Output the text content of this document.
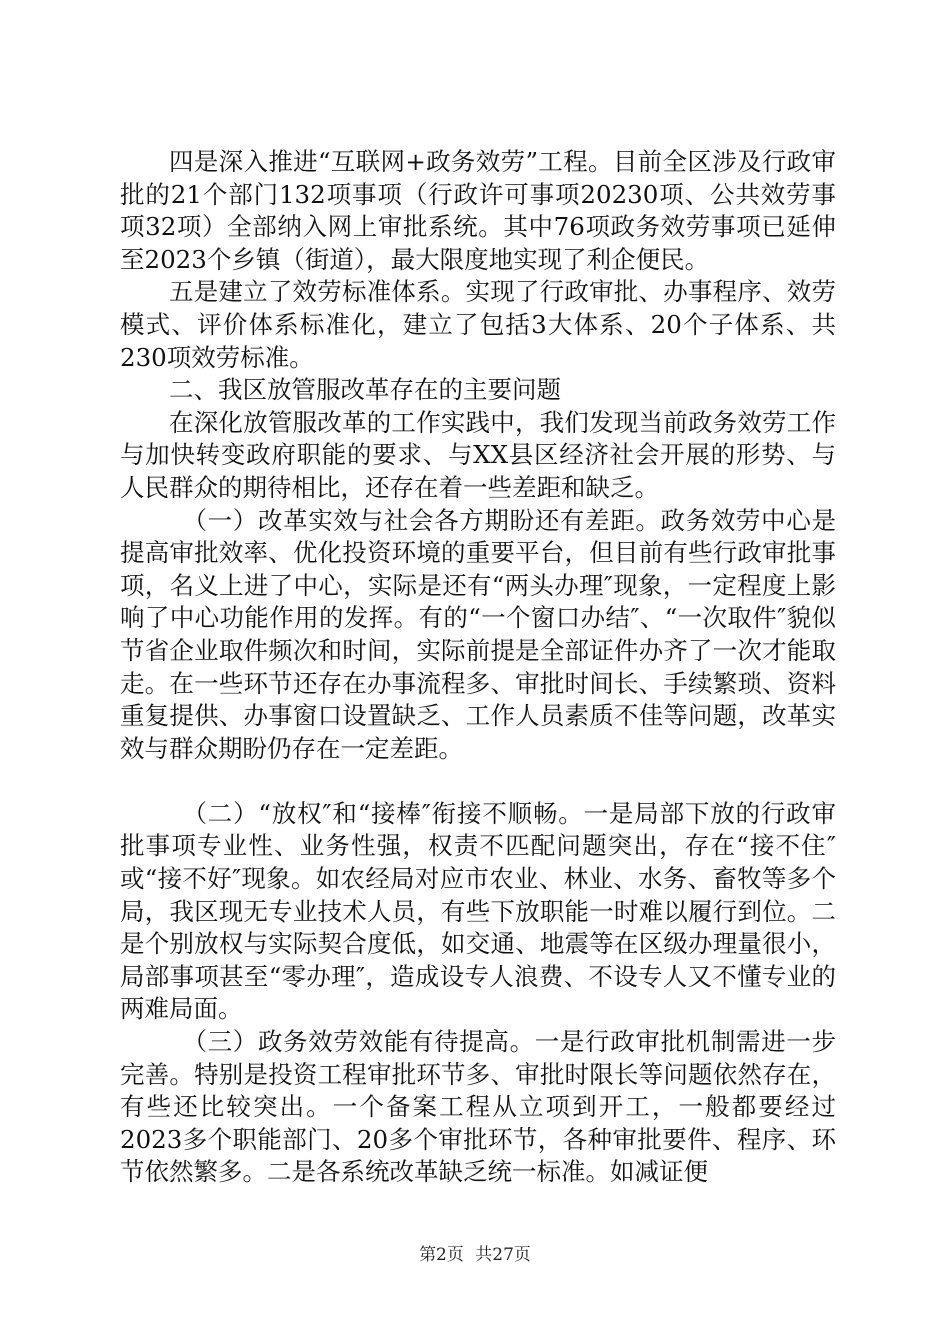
四是深入推进“互联网+政务效劳”工程。目前全区涉及行政审批的21个部门132项事项（行政许可事项20230项、公共效劳事项32项）全部纳入网上审批系统。其中76项政务效劳事项已延伸至2023个乡镇（街道），最大限度地实现了利企便民。

五是建立了效劳标准体系。实现了行政审批、办事程序、效劳模式、评价体系标准化，建立了包括3大体系、20个子体系、共230项效劳标准。

二、我区放管服改革存在的主要问题

在深化放管服改革的工作实践中，我们发现当前政务效劳工作与加快转变政府职能的要求、与XX县区经济社会开展的形势、与人民群众的期待相比，还存在着一些差距和缺乏。

（一）改革实效与社会各方期盼还有差距。政务效劳中心是提高审批效率、优化投资环境的重要平台，但目前有些行政审批事项，名义上进了中心，实际是还有“两头办理″现象，一定程度上影响了中心功能作用的发挥。有的“一个窗口办结″、“一次取件″貌似节省企业取件频次和时间，实际前提是全部证件办齐了一次才能取走。在一些环节还存在办事流程多、审批时间长、手续繁琐、资料重复提供、办事窗口设置缺乏、工作人员素质不佳等问题，改革实效与群众期盼仍存在一定差距。

（二）“放权″和“接棒″衔接不顺畅。一是局部下放的行政审批事项专业性、业务性强，权责不匹配问题突出，存在“接不住″或“接不好″现象。如农经局对应市农业、林业、水务、畜牧等多个局，我区现无专业技术人员，有些下放职能一时难以履行到位。二是个别放权与实际契合度低，如交通、地震等在区级办理量很小，局部事项甚至“零办理″，造成设专人浪费、不设专人又不懂专业的两难局面。

（三）政务效劳效能有待提高。一是行政审批机制需进一步完善。特别是投资工程审批环节多、审批时限长等问题依然存在，有些还比较突出。一个备案工程从立项到开工，一般都要经过2023多个职能部门、20多个审批环节，各种审批要件、程序、环节依然繁多。二是各系统改革缺乏统一标准。如减证便

第2页 共27页
